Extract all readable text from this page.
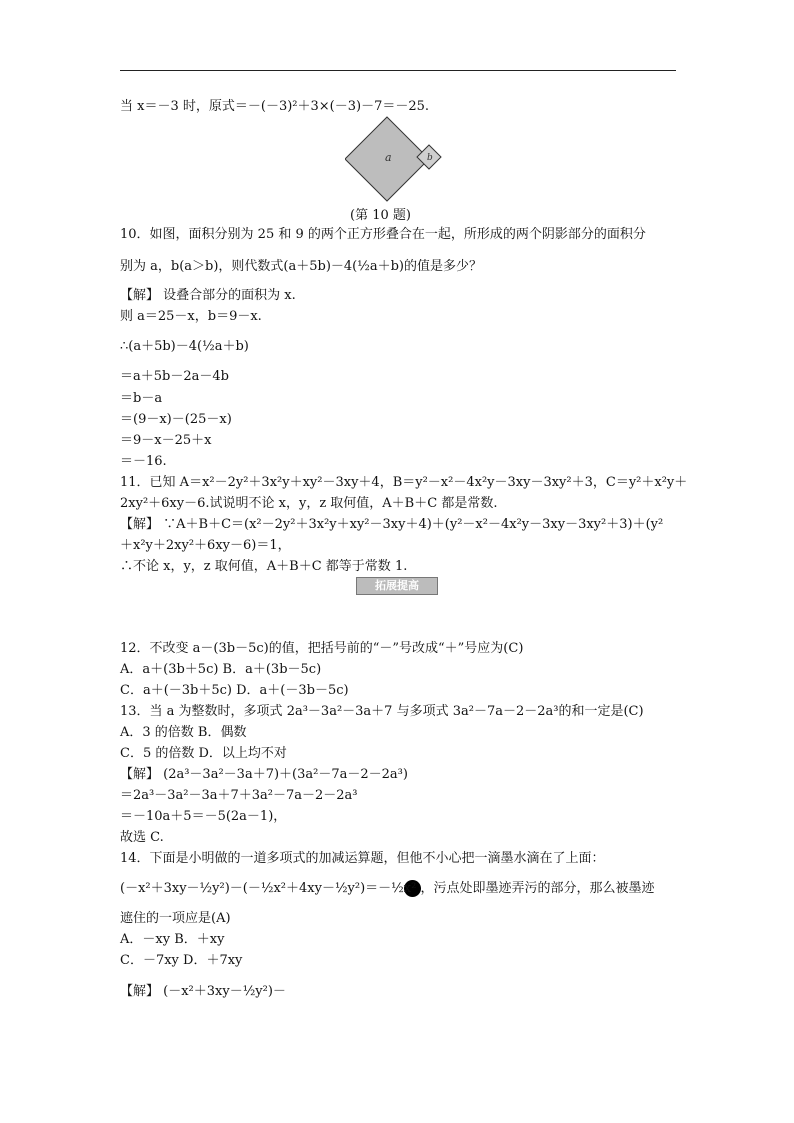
a	b
(第 10 题)
拓展提高
当 x＝－3 时，原式＝－(－3)²＋3×(－3)－7＝－25.
10．如图，面积分别为 25 和 9 的两个正方形叠合在一起，所形成的两个阴影部分的面积分
别为 a，b(a＞b)，则代数式(a＋5b)－4(½a＋b)的值是多少？
【解】 设叠合部分的面积为 x.
则 a＝25－x，b＝9－x.
∴(a＋5b)－4(½a＋b)
＝a＋5b－2a－4b
＝b－a
＝(9－x)－(25－x)
＝9－x－25＋x
＝－16.
11．已知 A＝x²－2y²＋3x²y＋xy²－3xy＋4，B＝y²－x²－4x²y－3xy－3xy²＋3，C＝y²＋x²y＋
2xy²＋6xy－6.试说明不论 x，y，z 取何值，A＋B＋C 都是常数.
【解】 ∵A＋B＋C＝(x²－2y²＋3x²y＋xy²－3xy＋4)＋(y²－x²－4x²y－3xy－3xy²＋3)＋(y²
＋x²y＋2xy²＋6xy－6)＝1，
∴不论 x，y，z 取何值，A＋B＋C 都等于常数 1.
12．不改变 a－(3b－5c)的值，把括号前的“－”号改成“＋”号应为(C)
A．a＋(3b＋5c) B．a＋(3b－5c)
C．a＋(－3b＋5c) D．a＋(－3b－5c)
13．当 a 为整数时，多项式 2a³－3a²－3a＋7 与多项式 3a²－7a－2－2a³的和一定是(C)
A．3 的倍数 B．偶数
C．5 的倍数 D．以上均不对
【解】 (2a³－3a²－3a＋7)＋(3a²－7a－2－2a³)
＝2a³－3a²－3a＋7＋3a²－7a－2－2a³
＝－10a＋5＝－5(2a－1)，
故选 C.
14．下面是小明做的一道多项式的加减运算题，但他不小心把一滴墨水滴在了上面：
(－x²＋3xy－½y²)－(－½x²＋4xy－½y²)＝－½x² ，污点处即墨迹弄污的部分，那么被墨迹
遮住的一项应是(A)
A．－xy B．＋xy
C．－7xy D．＋7xy
【解】 (－x²＋3xy－½y²)－
